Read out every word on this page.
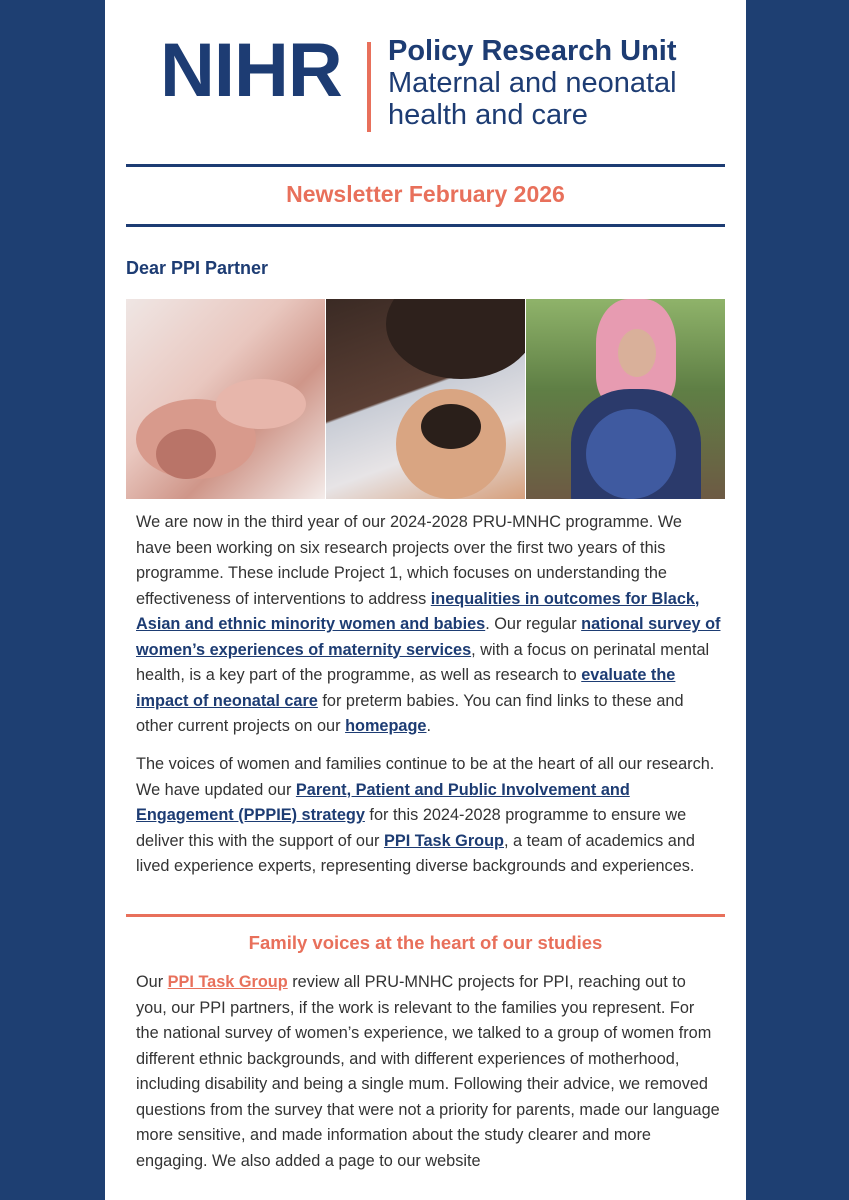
NIHR Policy Research Unit
Maternal and neonatal
health and care
Newsletter February 2026
Dear PPI Partner

We are now in the third year of our 2024-2028 PRU-MNHC programme. We have been working on six research projects over the first two years of this programme. These include Project 1, which focuses on understanding the effectiveness of interventions to address inequalities in outcomes for Black, Asian and ethnic minority women and babies. Our regular national survey of women’s experiences of maternity services, with a focus on perinatal mental health, is a key part of the programme, as well as research to evaluate the impact of neonatal care for preterm babies. You can find links to these and other current projects on our homepage.

The voices of women and families continue to be at the heart of all our research. We have updated our Parent, Patient and Public Involvement and Engagement (PPPIE) strategy for this 2024-2028 programme to ensure we deliver this with the support of our PPI Task Group, a team of academics and lived experience experts, representing diverse backgrounds and experiences.

Family voices at the heart of our studies

Our PPI Task Group review all PRU-MNHC projects for PPI, reaching out to you, our PPI partners, if the work is relevant to the families you represent. For the national survey of women’s experience, we talked to a group of women from different ethnic backgrounds, and with different experiences of motherhood, including disability and being a single mum. Following their advice, we removed questions from the survey that were not a priority for parents, made our language more sensitive, and made information about the study clearer and more engaging. We also added a page to our website
